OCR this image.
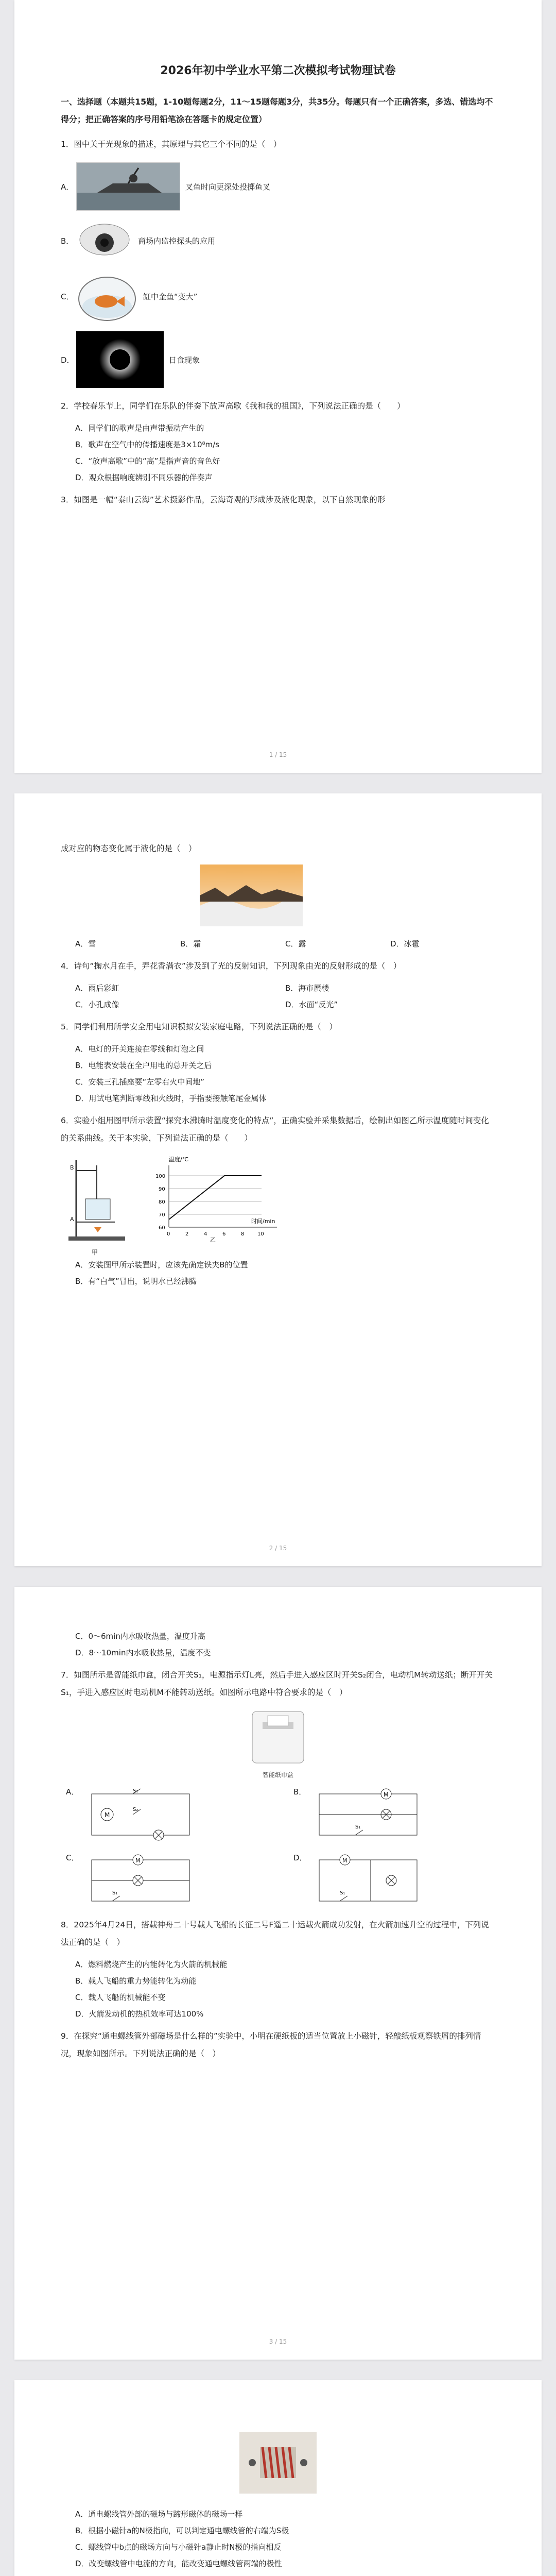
2026年初中学业水平第二次模拟考试物理试卷
一、选择题（本题共15题，1-10题每题2分，11～15题每题3分，共35分。每题只有一个正确答案，多选、错选均不得分；把正确答案的序号用铅笔涂在答题卡的规定位置）
1．图中关于光现象的描述，其原理与其它三个不同的是（　）
A．	叉鱼时向更深处投掷鱼叉
B．	商场内监控探头的应用
C．	缸中金鱼“变大”
D．	日食现象
2．学校春乐节上，同学们在乐队的伴奏下放声高歌《我和我的祖国》，下列说法正确的是（　　）
A．同学们的歌声是由声带振动产生的
B．歌声在空气中的传播速度是3×10⁸m/s
C．“放声高歌”中的“高”是指声音的音色好
D．观众根据响度辨别不同乐器的伴奏声
3．如图是一幅“泰山云海”艺术摄影作品，云海奇观的形成涉及液化现象，以下自然现象的形
1 / 15
成对应的物态变化属于液化的是（　）
A．雪	B．霜	C．露	D．冰雹
4．诗句“掬水月在手，弄花香满衣”涉及到了光的反射知识，下列现象由光的反射形成的是（　）
A．雨后彩虹	B．海市蜃楼
C．小孔成像	D．水面“反光”
5．同学们利用所学安全用电知识模拟安装家庭电路，下列说法正确的是（　）
A．电灯的开关连接在零线和灯泡之间
B．电能表安装在全户用电的总开关之后
C．安装三孔插座要“左零右火中间地”
D．用试电笔判断零线和火线时，手指要接触笔尾金属体
6．实验小组用图甲所示装置“探究水沸腾时温度变化的特点”，正确实验并采集数据后，绘制出如图乙所示温度随时间变化的关系曲线。关于本实验，下列说法正确的是（　　）
B
A
温度/℃
时间/min
100
90
80
70
60
0	2	4	6	8	10
乙
甲
A．安装图甲所示装置时，应该先确定铁夹B的位置
B．有“白气”冒出，说明水已经沸腾
2 / 15
C．0～6min内水吸收热量，温度升高
D．8～10min内水吸收热量，温度不变
7．如图所示是智能纸巾盒，闭合开关S₁，电源指示灯L亮，然后手进入感应区时开关S₂闭合，电动机M转动送纸；断开开关S₁，手进入感应区时电动机M不能转动送纸。如图所示电路中符合要求的是（　）
智能纸巾盒
A．
M
S₁
S₂
B．	M
S₁
C．	M
S₁
D．	M
S₁
8．2025年4月24日，搭载神舟二十号载人飞船的长征二号F遥二十运载火箭成功发射，在火箭加速升空的过程中，下列说法正确的是（　）
A．燃料燃烧产生的内能转化为火箭的机械能
B．载人飞船的重力势能转化为动能
C．载人飞船的机械能不变
D．火箭发动机的热机效率可达100%
9．在探究“通电螺线管外部磁场是什么样的”实验中，小明在硬纸板的适当位置放上小磁针，轻敲纸板观察铁屑的排列情况，现象如图所示。下列说法正确的是（　）
3 / 15
A．通电螺线管外部的磁场与蹄形磁体的磁场一样
B．根据小磁针a的N极指向，可以判定通电螺线管的右端为S极
C．螺线管中b点的磁场方向与小磁针a静止时N极的指向相反
D．改变螺线管中电流的方向，能改变通电螺线管两端的极性
